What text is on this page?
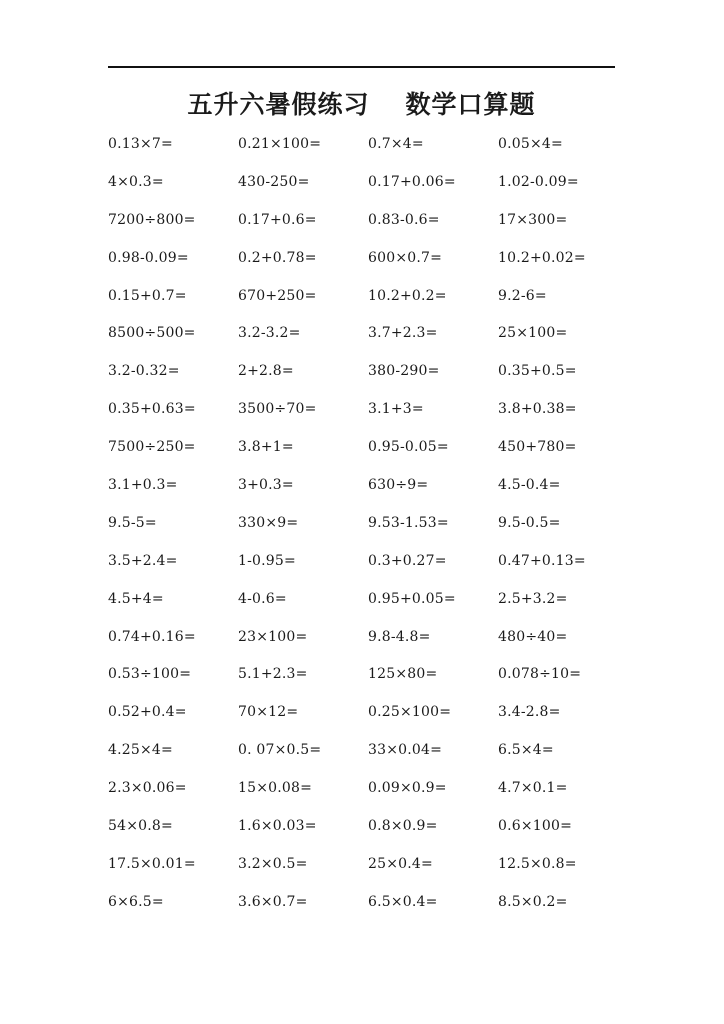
五升六暑假练习 数学口算题
0.13×7=	0.21×100=	0.7×4=	0.05×4=
4×0.3=	430-250=	0.17+0.06=	1.02-0.09=
7200÷800=	0.17+0.6=	0.83-0.6=	17×300=
0.98-0.09=	0.2+0.78=	600×0.7=	10.2+0.02=
0.15+0.7=	670+250=	10.2+0.2=	9.2-6=
8500÷500=	3.2-3.2=	3.7+2.3=	25×100=
3.2-0.32=	2+2.8=	380-290=	0.35+0.5=
0.35+0.63=	3500÷70=	3.1+3=	3.8+0.38=
7500÷250=	3.8+1=	0.95-0.05=	450+780=
3.1+0.3=	3+0.3=	630÷9=	4.5-0.4=
9.5-5=	330×9=	9.53-1.53=	9.5-0.5=
3.5+2.4=	1-0.95=	0.3+0.27=	0.47+0.13=
4.5+4=	4-0.6=	0.95+0.05=	2.5+3.2=
0.74+0.16=	23×100=	9.8-4.8=	480÷40=
0.53÷100=	5.1+2.3=	125×80=	0.078÷10=
0.52+0.4=	70×12=	0.25×100=	3.4-2.8=
4.25×4=	0. 07×0.5=	33×0.04=	6.5×4=
2.3×0.06=	15×0.08=	0.09×0.9=	4.7×0.1=
54×0.8=	1.6×0.03=	0.8×0.9=	0.6×100=
17.5×0.01=	3.2×0.5=	25×0.4=	12.5×0.8=
6×6.5=	3.6×0.7=	6.5×0.4=	8.5×0.2=
